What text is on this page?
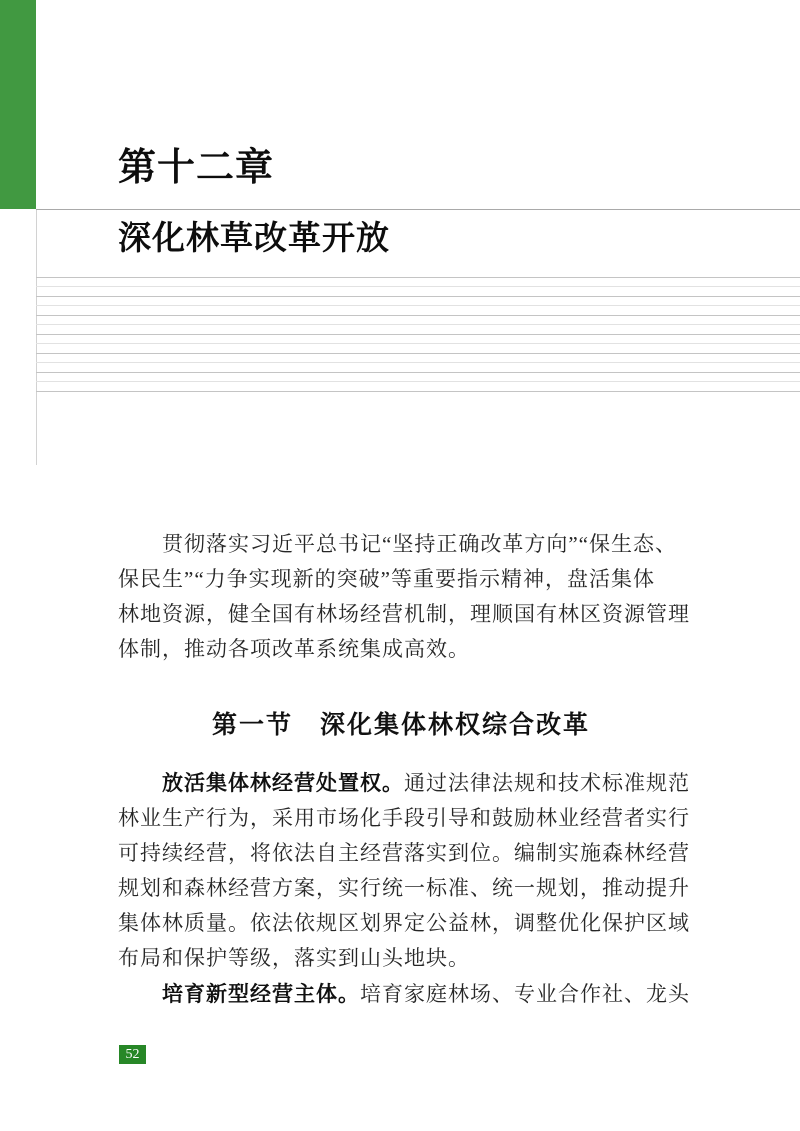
第十二章
深化林草改革开放
贯彻落实习近平总书记“坚持正确改革方向”“保生态、
保民生”“力争实现新的突破”等重要指示精神，盘活集体
林地资源，健全国有林场经营机制，理顺国有林区资源管理
体制，推动各项改革系统集成高效。
第一节　深化集体林权综合改革
放活集体林经营处置权。通过法律法规和技术标准规范
林业生产行为，采用市场化手段引导和鼓励林业经营者实行
可持续经营，将依法自主经营落实到位。编制实施森林经营
规划和森林经营方案，实行统一标准、统一规划，推动提升
集体林质量。依法依规区划界定公益林，调整优化保护区域
布局和保护等级，落实到山头地块。
培育新型经营主体。培育家庭林场、专业合作社、龙头
52
